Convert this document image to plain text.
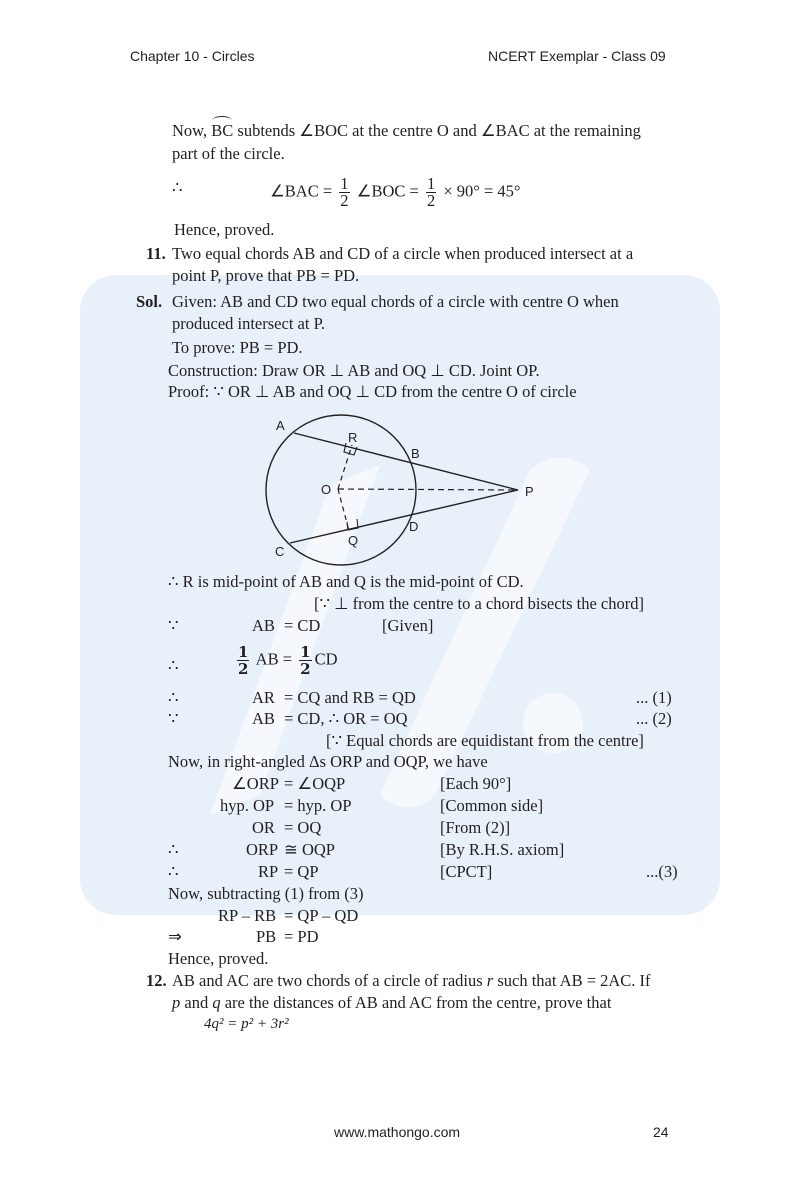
Chapter 10 - Circles	NCERT Exemplar - Class 09
Now, BC subtends ∠BOC at the centre O and ∠BAC at the remaining
part of the circle.
∴	∠BAC = $\frac{1}{2}$ ∠BOC = $\frac{1}{2} \times 90^\circ = 45^\circ$
Hence, proved.
11. Two equal chords AB and CD of a circle when produced intersect at a
point P, prove that PB = PD.
Sol. Given: AB and CD two equal chords of a circle with centre O when
produced intersect at P.
To prove: PB = PD.
Construction: Draw OR ⊥ AB and OQ ⊥ CD. Joint OP.
Proof: ∵ OR ⊥ AB and OQ ⊥ CD from the centre O of circle
A
R
B
O	P
D
Q
C
∴ R is mid-point of AB and Q is the mid-point of CD.
[∵ ⊥ from the centre to a chord bisects the chord]
∵	AB = CD	[Given]
∴	$\frac{1}{2}$ AB = $\frac{1}{2}$ CD
∴	AR = CQ and RB = QD	... (1)
∵	AB = CD, ∴ OR = OQ	... (2)
[∵ Equal chords are equidistant from the centre]
Now, in right-angled Δs ORP and OQP, we have
∠ORP = ∠OQP	[Each 90°]
hyp. OP = hyp. OP	[Common side]
OR = OQ	[From (2)]
∴	ORP ≅ OQP	[By R.H.S. axiom]
∴	RP = QP	[CPCT]	...(3)
Now, subtracting (1) from (3)
RP – RB = QP – QD
⇒	PB = PD
Hence, proved.
12. AB and AC are two chords of a circle of radius r such that AB = 2AC. If
p and q are the distances of AB and AC from the centre, prove that
4q² = p² + 3r²
www.mathongo.com	24
